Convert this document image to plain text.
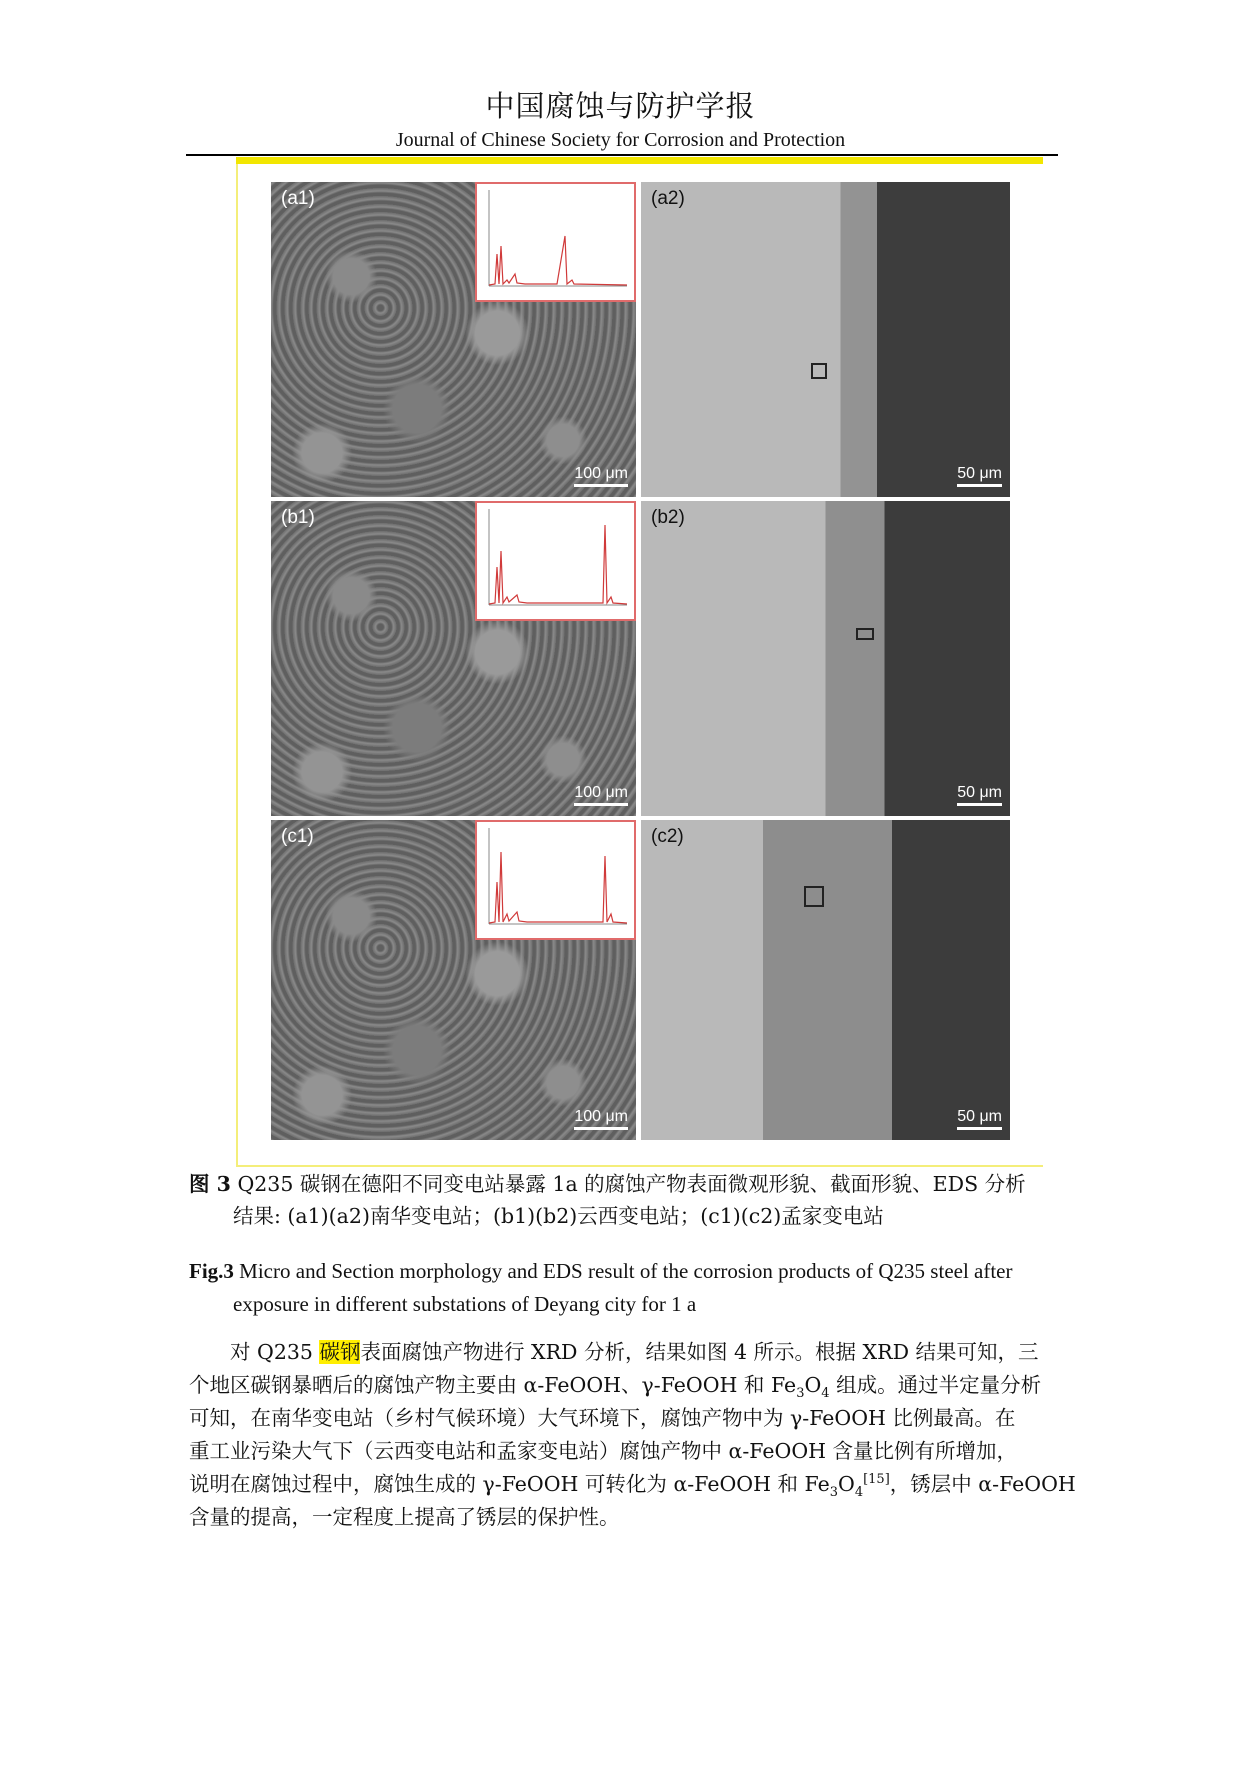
中国腐蚀与防护学报
Journal of Chinese Society for Corrosion and Protection
(a1)
100 μm
(a2)
50 μm
(b1)
100 μm
(b2)
50 μm
(c1)
100 μm
(c2)
50 μm
图 3 Q235 碳钢在德阳不同变电站暴露 1a 的腐蚀产物表面微观形貌、截面形貌、EDS 分析
结果: (a1)(a2)南华变电站；(b1)(b2)云西变电站；(c1)(c2)孟家变电站
Fig.3 Micro and Section morphology and EDS result of the corrosion products of Q235 steel after
exposure in different substations of Deyang city for 1 a

对 Q235 碳钢表面腐蚀产物进行 XRD 分析，结果如图 4 所示。根据 XRD 结果可知，三

个地区碳钢暴晒后的腐蚀产物主要由 α-FeOOH、γ-FeOOH 和 $Fe_3O_4$ 组成。通过半定量分析

可知，在南华变电站（乡村气候环境）大气环境下，腐蚀产物中为 γ-FeOOH 比例最高。在

重工业污染大气下（云西变电站和孟家变电站）腐蚀产物中 α-FeOOH 含量比例有所增加，

说明在腐蚀过程中，腐蚀生成的 γ-FeOOH 可转化为 α-FeOOH 和 $Fe_3O_4[15]$，锈层中 α-FeOOH

含量的提高，一定程度上提高了锈层的保护性。
